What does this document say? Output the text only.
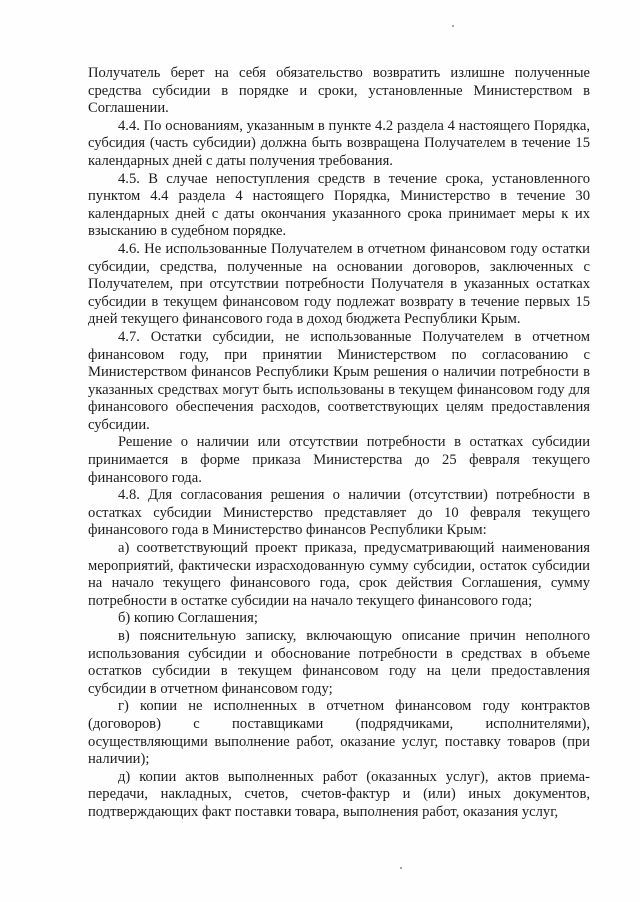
Получатель берет на себя обязательство возвратить излишне полученные средства субсидии в порядке и сроки, установленные Министерством в Соглашении.

4.4. По основаниям, указанным в пункте 4.2 раздела 4 настоящего Порядка, субсидия (часть субсидии) должна быть возвращена Получателем в течение 15 календарных дней с даты получения требования.

4.5. В случае непоступления средств в течение срока, установленного пунктом 4.4 раздела 4 настоящего Порядка, Министерство в течение 30 календарных дней с даты окончания указанного срока принимает меры к их взысканию в судебном порядке.

4.6. Не использованные Получателем в отчетном финансовом году остатки субсидии, средства, полученные на основании договоров, заключенных с Получателем, при отсутствии потребности Получателя в указанных остатках субсидии в текущем финансовом году подлежат возврату в течение первых 15 дней текущего финансового года в доход бюджета Республики Крым.

4.7. Остатки субсидии, не использованные Получателем в отчетном финансовом году, при принятии Министерством по согласованию с Министерством финансов Республики Крым решения о наличии потребности в указанных средствах могут быть использованы в текущем финансовом году для финансового обеспечения расходов, соответствующих целям предоставления субсидии.

Решение о наличии или отсутствии потребности в остатках субсидии принимается в форме приказа Министерства до 25 февраля текущего финансового года.

4.8. Для согласования решения о наличии (отсутствии) потребности в остатках субсидии Министерство представляет до 10 февраля текущего финансового года в Министерство финансов Республики Крым:

а) соответствующий проект приказа, предусматривающий наименования мероприятий, фактически израсходованную сумму субсидии, остаток субсидии на начало текущего финансового года, срок действия Соглашения, сумму потребности в остатке субсидии на начало текущего финансового года;

б) копию Соглашения;

в) пояснительную записку, включающую описание причин неполного использования субсидии и обоснование потребности в средствах в объеме остатков субсидии в текущем финансовом году на цели предоставления субсидии в отчетном финансовом году;

г) копии не исполненных в отчетном финансовом году контрактов (договоров) с поставщиками (подрядчиками, исполнителями), осуществляющими выполнение работ, оказание услуг, поставку товаров (при наличии);

д) копии актов выполненных работ (оказанных услуг), актов приема-передачи, накладных, счетов, счетов-фактур и (или) иных документов, подтверждающих факт поставки товара, выполнения работ, оказания услуг,
